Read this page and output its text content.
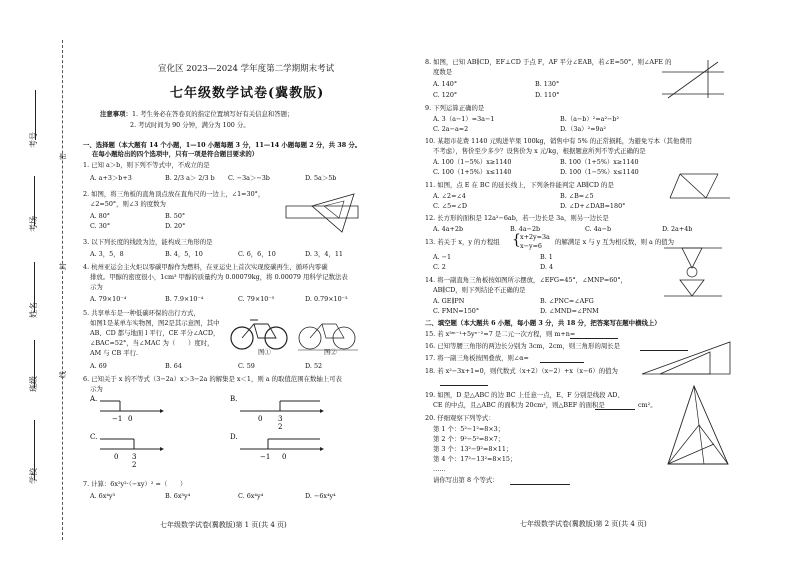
考号
考场
姓名
班级
学校
密
封
线
宣化区 2023—2024 学年度第二学期期末考试
七年级数学试卷(冀教版)
注意事项：1. 考生务必在答卷页的指定位置填写好有关信息和答题；
2. 考试时间为 90 分钟，满分为 100 分。
一、选择题（本大题有 14 个小题，1—10 小题每题 3 分，11—14 小题每题 2 分，共 38 分。
在每小题给出的四个选项中，只有一项是符合题目要求的）
1. 已知 a＞b，则下列不等式中，不成立的是
A. a+3＞b+3	B. 2/3 a＞ 2/3 b C. −3a＞−3b	D. 5a＞5b
2. 如图，将三角板的直角顶点放在直角尺的一边上，∠1=30°，
∠2=50°，则∠3 的度数为
A. 80°	B. 50°
C. 30°	D. 20°
3. 以下列长度的线段为边，能构成三角形的是
A. 3，5，8	B. 4，5，10	C. 6，6，10	D. 3，4，11
4. 杭州亚运会主火炬以零碳甲醇作为燃料，在亚运史上首次实现废碳再生、循环内零碳
排放。甲醇的密度很小，1cm³ 甲醇的质量约为 0.00079kg，将 0.00079 用科学记数法表
示为
A. 79×10⁻⁴	B. 7.9×10⁻⁴	C. 79×10⁻⁵	D. 0.79×10⁻³
5. 共享单车是一种低碳环保的出行方式，
如图1是某单车实物图，图2是其示意图，其中
AB、CD 都与地面 l 平行，CE 平分∠ACD，
∠BAC=52°，当∠MAC 为（　　）度时，
AM 与 CB 平行.
A. 69	B. 64	C. 59	D. 52
图①	图②
6. 已知关于 x 的不等式（3−2a）x＞3−2a 的解集是 x＜1，则 a 的取值范围在数轴上可表
示为
A.
−1 0
B.
0 3
2
C.
0 3
2
D.
−1 0
7. 计算：6x²y²·（−xy）² =（　　）
A. 6x⁴y³	B. 6x³y⁴	C. 6x⁴y⁴	D. −6x⁴y⁴
七年级数学试卷(冀教版)第 1 页(共 4 页)
8. 如图，已知 AB∥CD，EF⊥CD 于点 F，AF 平分∠EAB，若∠E=50°，则∠AFE 的
度数是
A. 140°	B. 130°
C. 120°	D. 110°
9. 下列运算正确的是
A. 3（a−1）=3a−1	B.（a−b）²=a²−b²
C. 2a−a=2	D.（3a）²=9a²
10. 某超市花费 1140 元购进苹果 100kg，销售中有 5% 的正常损耗，为避免亏本（其他费用
不考虑），售价至少多少？设售价为 x 元/kg，根据题意所列不等式正确的是
A. 100（1−5%）x≥1140	B. 100（1+5%）x≥1140
C. 100（1+5%）x≤1140	D. 100（1−5%）x≤1140
11. 如图，点 E 在 BC 的延长线上，下列条件能判定 AB∥CD 的是
A. ∠2=∠4	B. ∠B=∠5
C. ∠5=∠D	D. ∠D+∠DAB=180°
12. 长方形的面积是 12a²−6ab，若一边长是 3a，则另一边长是
A. 4a+2b	B. 4a−2b	C. 4a−b	D. 2a+4b
13. 若关于 x，y 的方程组 { x+2y=3a
x−y=6 的解满足 x 与 y 互为相反数，则 a 的值为
A. −1	B. 1
C. 2	D. 4
14. 将一副直角三角板按如图所示摆放，∠EFG=45°，∠MNP=60°，
AB∥CD，则下列结论不正确的是
A. GE∥PN	B. ∠PNC=∠AFG
C. FMN=150°	D. ∠MND=∠PNM
二、填空题（本大题共 6 小题，每小题 3 分，共 18 分，把答案写在题中横线上）
15. 若 x³ᵐ⁻¹+5yⁿ⁻²=7 是二元一次方程，则 m+n=
16. 已知等腰三角形的两边长分别为 3cm，2cm，则三角形的周长是
17. 将一副三角板按图叠放，则∠α=
18. 若 x²−3x+1=0，则代数式（x+2）（x−2）+x（x−6）的值为
19. 如图，D 是△ABC 的边 BC 上任意一点，E、F 分别是线段 AD、
CE 的中点，且△ABC 的面积为 20cm²，则△BEF 的面积是	cm²。
20. 仔细观察下列等式：
第 1 个：5²−1²=8×3；
第 2 个：9²−5²=8×7；
第 3 个：13²−9²=8×11；
第 4 个：17²−13²=8×15；
……
请你写出第 8 个等式：
七年级数学试卷(冀教版)第 2 页(共 4 页)
